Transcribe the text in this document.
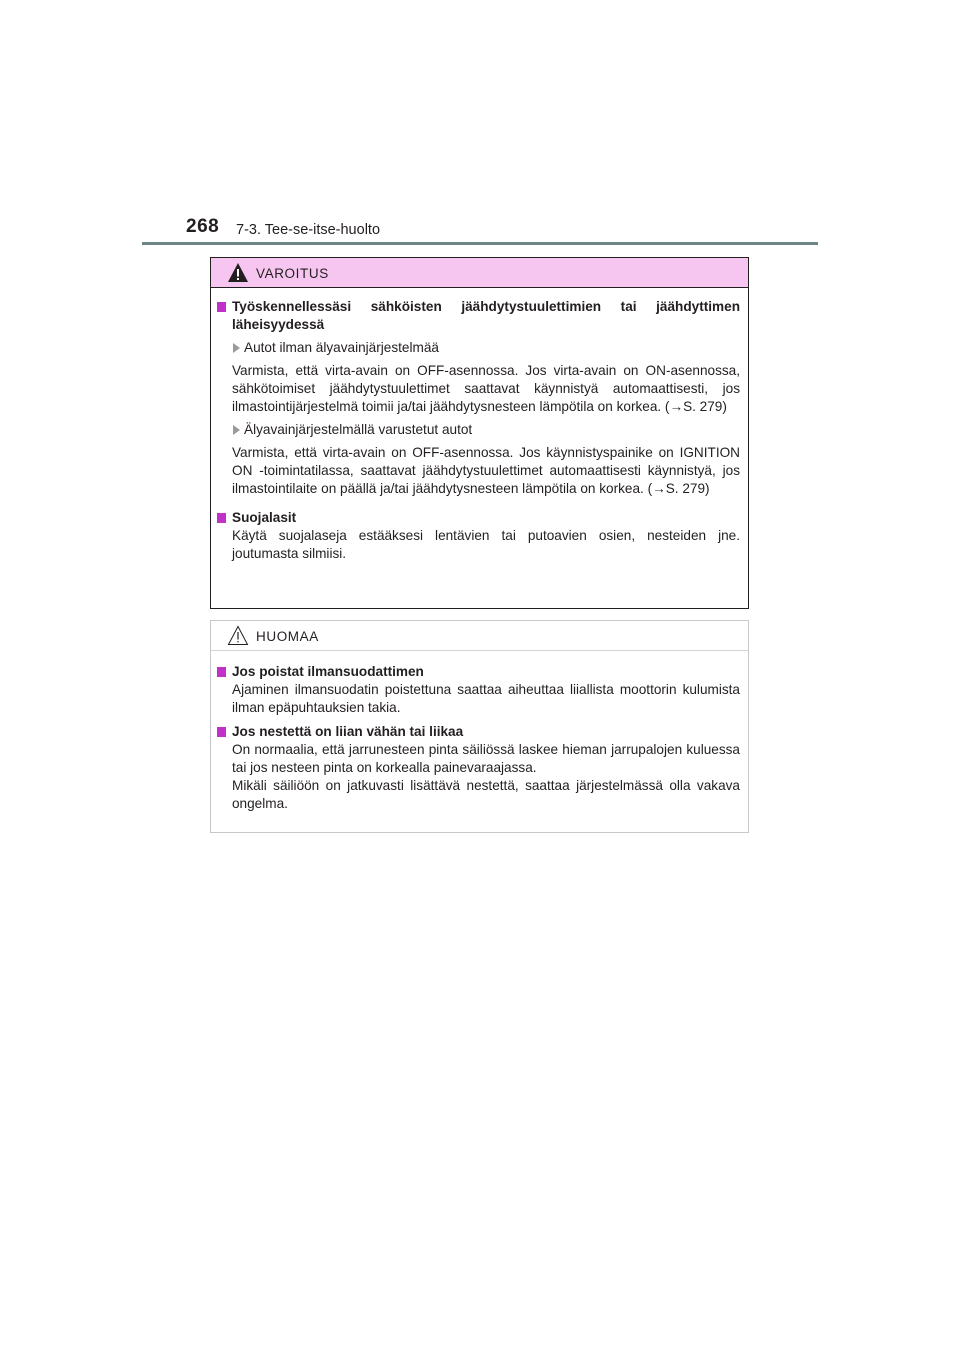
268 7-3. Tee-se-itse-huolto
VAROITUS
Työskennellessäsi sähköisten jäähdytystuulettimien tai jäähdyttimen läheisyydessä
Autot ilman älyavainjärjestelmää
Varmista, että virta-avain on OFF-asennossa. Jos virta-avain on ON-asennossa, sähkötoimiset jäähdytystuulettimet saattavat käynnistyä automaattisesti, jos ilmastointijärjestelmä toimii ja/tai jäähdytysnesteen lämpötila on korkea. (→S. 279)
Älyavainjärjestelmällä varustetut autot
Varmista, että virta-avain on OFF-asennossa. Jos käynnistyspainike on IGNITION ON -toimintatilassa, saattavat jäähdytystuulettimet automaattisesti käynnistyä, jos ilmastointilaite on päällä ja/tai jäähdytysnesteen lämpötila on korkea. (→S. 279)
Suojalasit
Käytä suojalaseja estääksesi lentävien tai putoavien osien, nesteiden jne. joutumasta silmiisi.
HUOMAA
Jos poistat ilmansuodattimen
Ajaminen ilmansuodatin poistettuna saattaa aiheuttaa liiallista moottorin kulumista ilman epäpuhtauksien takia.
Jos nestettä on liian vähän tai liikaa
On normaalia, että jarrunesteen pinta säiliössä laskee hieman jarrupalojen kuluessa tai jos nesteen pinta on korkealla painevaraajassa.
Mikäli säiliöön on jatkuvasti lisättävä nestettä, saattaa järjestelmässä olla vakava ongelma.
